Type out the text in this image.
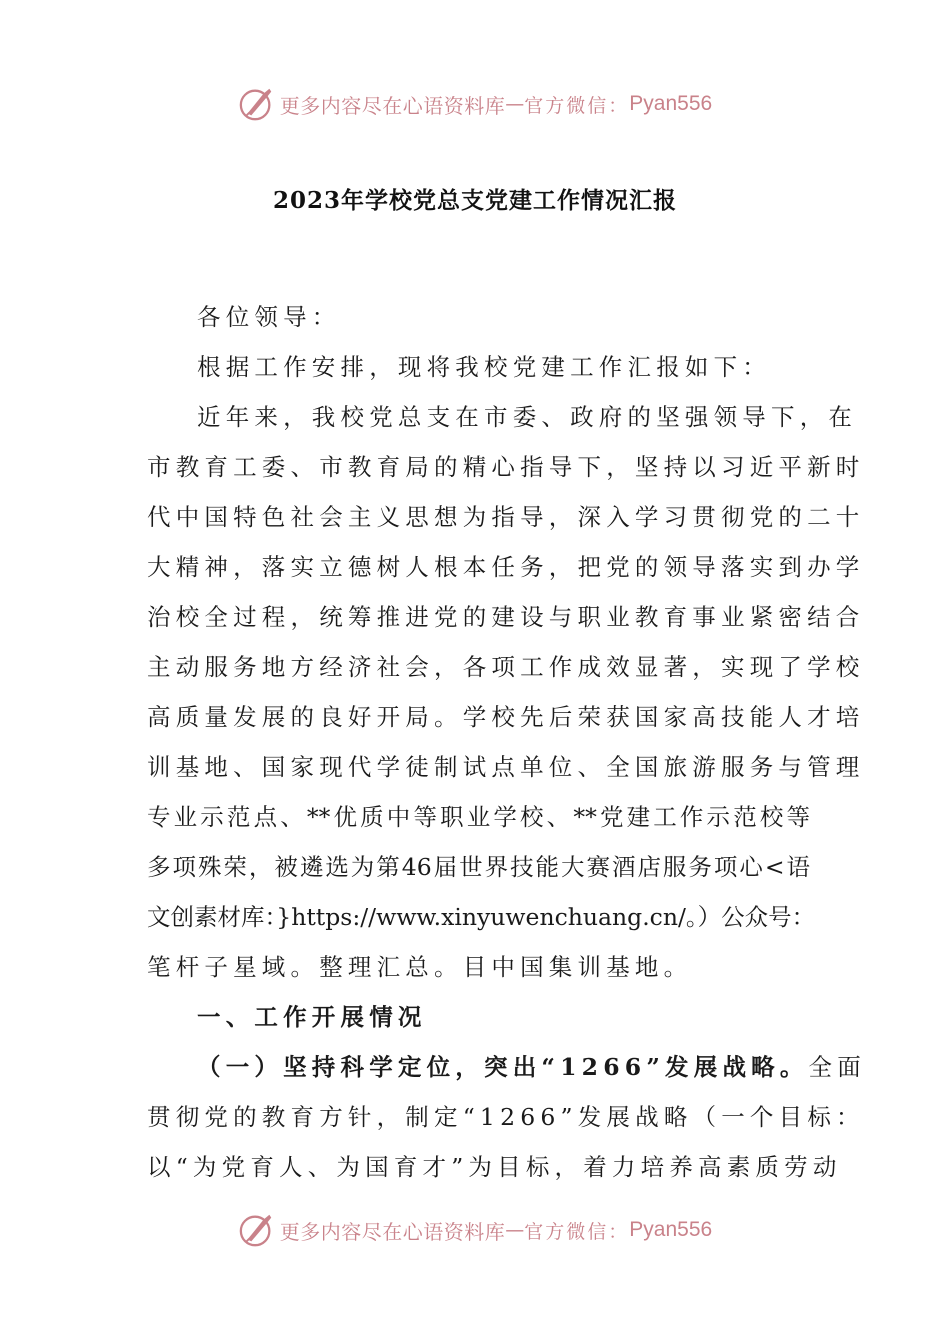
更多内容尽在心语资料库 — 官方微信： Pyan556
2023年学校党总支党建工作情况汇报
各位领导：
根据工作安排，现将我校党建工作汇报如下：
近年来，我校党总支在市委、政府的坚强领导下，在
市教育工委、市教育局的精心指导下，坚持以习近平新时
代中国特色社会主义思想为指导，深入学习贯彻党的二十
大精神，落实立德树人根本任务，把党的领导落实到办学
治校全过程，统筹推进党的建设与职业教育事业紧密结合
主动服务地方经济社会，各项工作成效显著，实现了学校
高质量发展的良好开局。学校先后荣获国家高技能人才培
训基地、国家现代学徒制试点单位、全国旅游服务与管理
专业示范点、**优质中等职业学校、**党建工作示范校等
多项殊荣，被遴选为第46届世界技能大赛酒店服务项心<语
文创素材库：}https://www.xinyuwenchuang.cn/。）公众号：
笔杆子星域。整理汇总。目中国集训基地。
一、工作开展情况
（一）坚持科学定位，突出“1266”发展战略。全面
贯彻党的教育方针，制定“1266”发展战略（一个目标：
以“为党育人、为国育才”为目标，着力培养高素质劳动
更多内容尽在心语资料库 — 官方微信： Pyan556
